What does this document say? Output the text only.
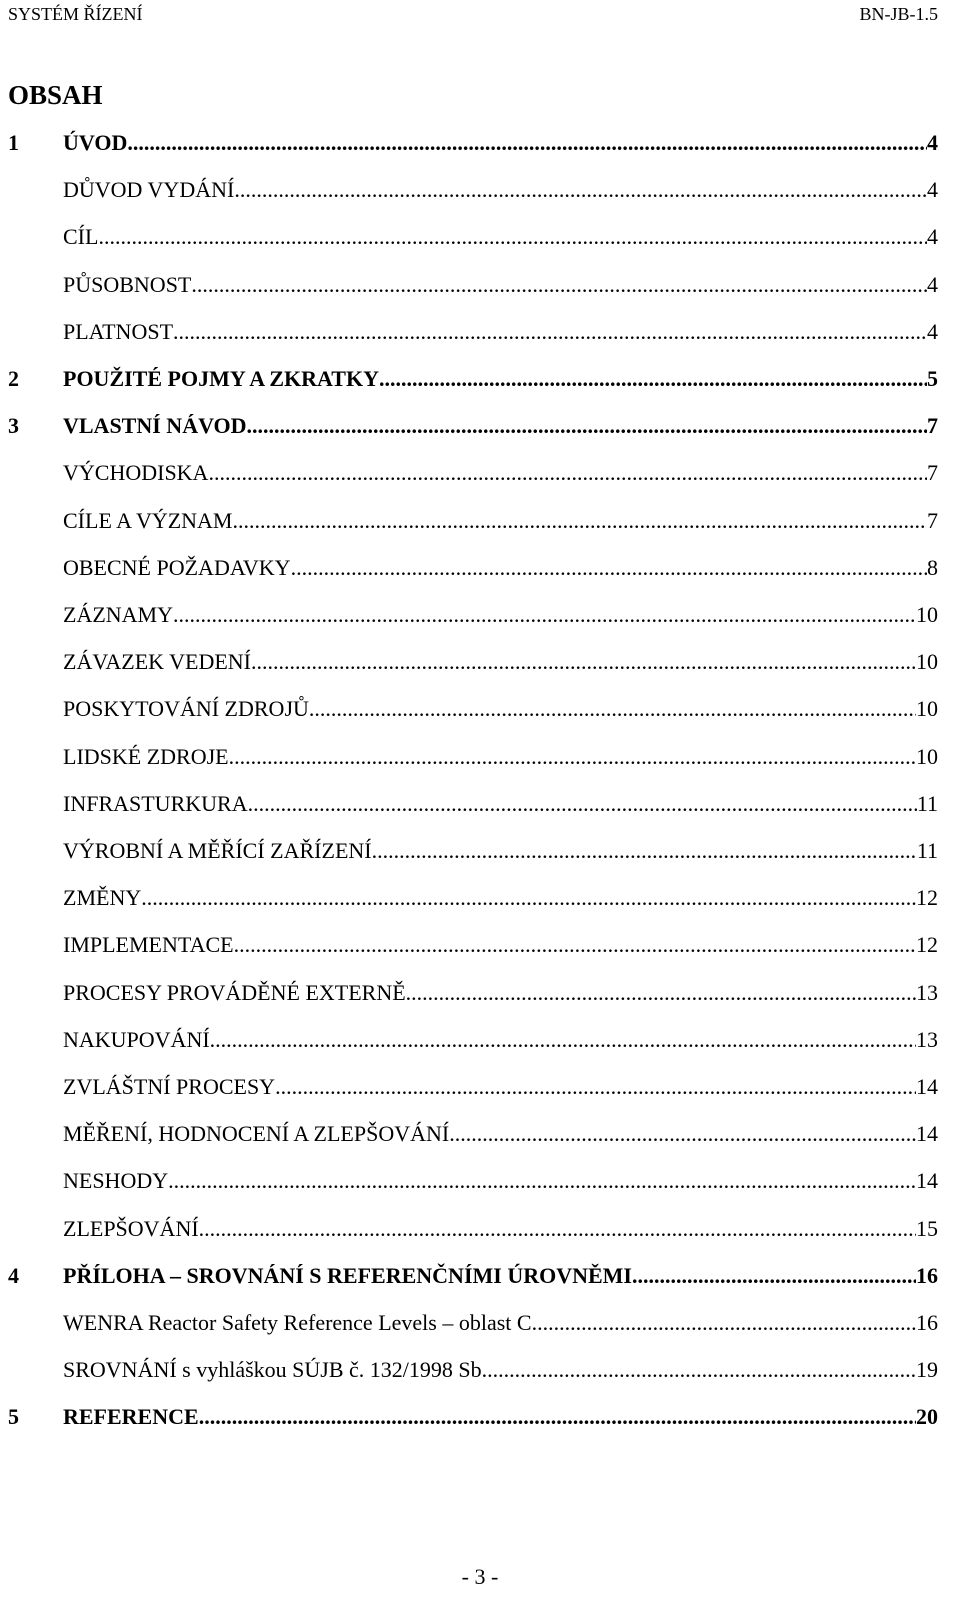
SYSTÉM ŘÍZENÍ	BN-JB-1.5
OBSAH
1 ÚVOD .....	4
DŮVOD VYDÁNÍ .....	4
CÍL .....	4
PŮSOBNOST .....	4
PLATNOST .....	4
2 POUŽITÉ POJMY A ZKRATKY .....	5
3 VLASTNÍ NÁVOD .....	7
VÝCHODISKA .....	7
CÍLE A VÝZNAM .....	7
OBECNÉ POŽADAVKY .....	8
ZÁZNAMY .....	10
ZÁVAZEK VEDENÍ .....	10
POSKYTOVÁNÍ ZDROJŮ .....	10
LIDSKÉ ZDROJE .....	10
INFRASTURKURA .....	11
VÝROBNÍ A MĚŘÍCÍ ZAŘÍZENÍ .....	11
ZMĚNY .....	12
IMPLEMENTACE .....	12
PROCESY PROVÁDĚNÉ EXTERNĚ .....	13
NAKUPOVÁNÍ .....	13
ZVLÁŠTNÍ PROCESY .....	14
MĚŘENÍ, HODNOCENÍ A ZLEPŠOVÁNÍ .....	14
NESHODY .....	14
ZLEPŠOVÁNÍ .....	15
4 PŘÍLOHA – SROVNÁNÍ S REFERENČNÍMI ÚROVNĚMI .....	16
WENRA Reactor Safety Reference Levels – oblast C .....	16
SROVNÁNÍ s vyhláškou SÚJB č. 132/1998 Sb. .....	19
5 REFERENCE .....	20
- 3 -
